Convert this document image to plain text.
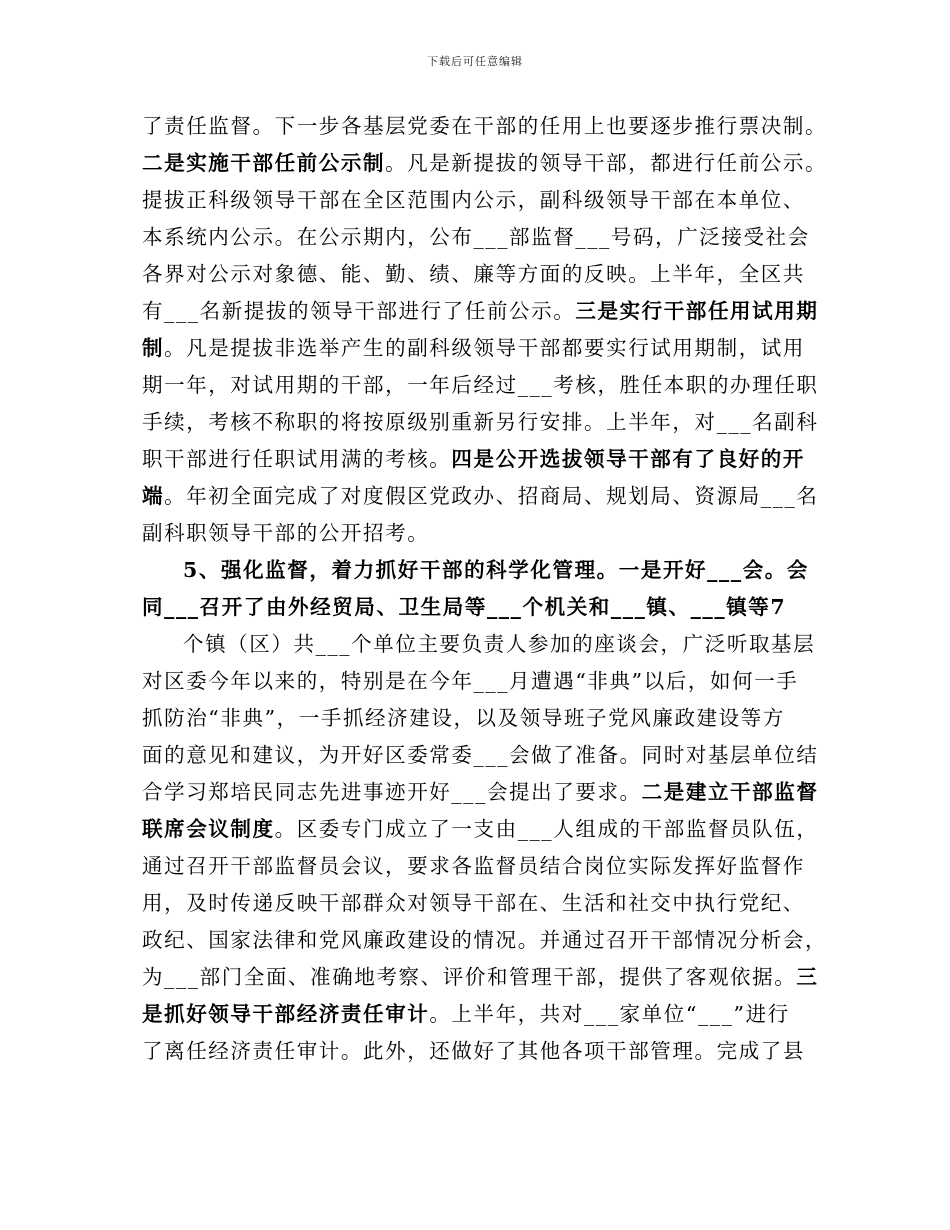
下载后可任意编辑
了责任监督。下一步各基层党委在干部的任用上也要逐步推行票决制。
二是实施干部任前公示制。凡是新提拔的领导干部，都进行任前公示。
提拔正科级领导干部在全区范围内公示，副科级领导干部在本单位、
本系统内公示。在公示期内，公布___部监督___号码，广泛接受社会
各界对公示对象德、能、勤、绩、廉等方面的反映。上半年，全区共
有___名新提拔的领导干部进行了任前公示。三是实行干部任用试用期
制。凡是提拔非选举产生的副科级领导干部都要实行试用期制，试用
期一年，对试用期的干部，一年后经过___考核，胜任本职的办理任职
手续，考核不称职的将按原级别重新另行安排。上半年，对___名副科
职干部进行任职试用满的考核。四是公开选拔领导干部有了良好的开
端。年初全面完成了对度假区党政办、招商局、规划局、资源局___名
副科职领导干部的公开招考。
5、强化监督，着力抓好干部的科学化管理。一是开好___会。会
同___召开了由外经贸局、卫生局等___个机关和___镇、___镇等7
个镇（区）共___个单位主要负责人参加的座谈会，广泛听取基层
对区委今年以来的，特别是在今年___月遭遇“非典”以后，如何一手
抓防治“非典”，一手抓经济建设，以及领导班子党风廉政建设等方
面的意见和建议，为开好区委常委___会做了准备。同时对基层单位结
合学习郑培民同志先进事迹开好___会提出了要求。二是建立干部监督
联席会议制度。区委专门成立了一支由___人组成的干部监督员队伍，
通过召开干部监督员会议，要求各监督员结合岗位实际发挥好监督作
用，及时传递反映干部群众对领导干部在、生活和社交中执行党纪、
政纪、国家法律和党风廉政建设的情况。并通过召开干部情况分析会，
为___部门全面、准确地考察、评价和管理干部，提供了客观依据。三
是抓好领导干部经济责任审计。上半年，共对___家单位“___”进行
了离任经济责任审计。此外，还做好了其他各项干部管理。完成了县
